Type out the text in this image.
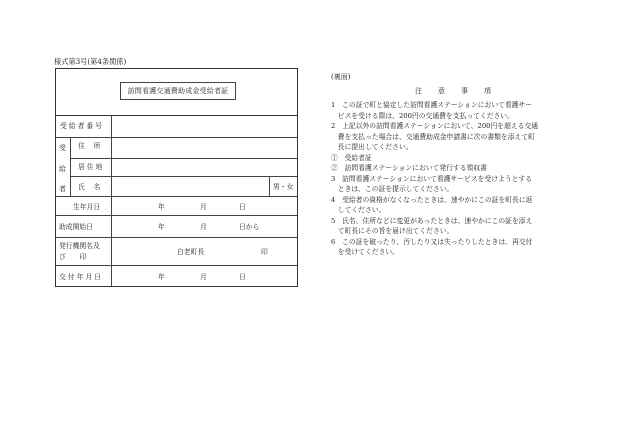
様式第3号(第4条関係)
訪問看護交通費助成金受給者証
受給者番号
受
給
者
住　所
居住地
氏　名	男・女
生年月日	年	月	日
助成開始日	年	月	日から
発行機関名及
び　　印
白老町長	印
交付年月日	年	月	日
(裏面)
注意事項

1　この証で町と協定した訪問看護ステーションにおいて看護サー

　ビスを受ける際は、200円の交通費を支払ってください。

2　上記以外の訪問看護ステーションにおいて、200円を超える交通

　費を支払った場合は、交通費助成金申請書に次の書類を添えて町

　長に提出してください。

①　受給者証

②　訪問看護ステーションにおいて発行する領収書

3　訪問看護ステーションにおいて看護サービスを受けようとする

　ときは、この証を提示してください。

4　受給者の資格がなくなったときは、速やかにこの証を町長に返

　してください。

5　氏名、住所などに変更があったときは、速やかにこの証を添え

　て町長にその旨を届け出てください。

6　この証を破ったり、汚したり又は失ったりしたときは、再交付

　を受けてください。
